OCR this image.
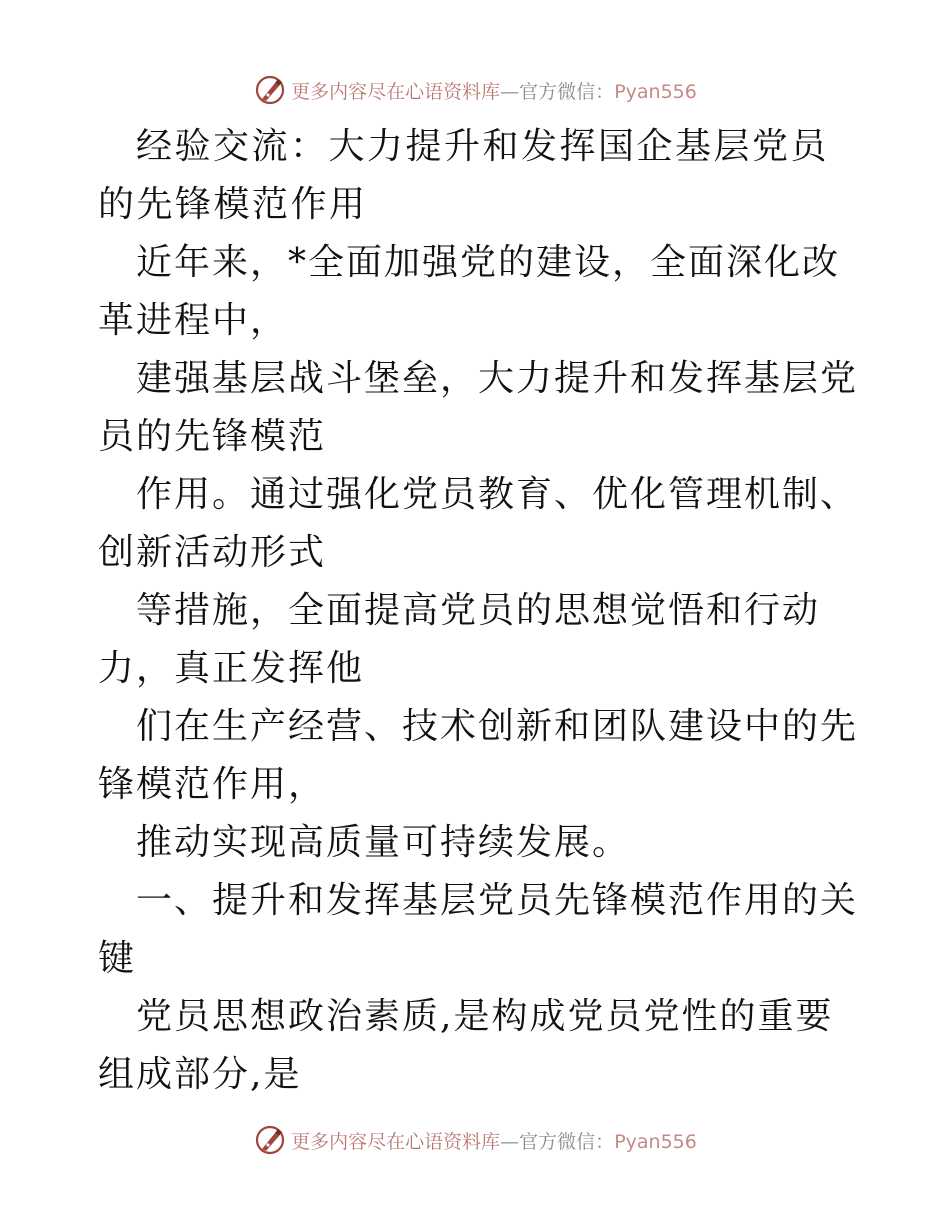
更多内容尽在心语资料库—官方微信：Pyan556

经验交流：大力提升和发挥国企基层党员的先锋模范作用

近年来，*全面加强党的建设，全面深化改革进程中，

建强基层战斗堡垒，大力提升和发挥基层党员的先锋模范

作用。通过强化党员教育、优化管理机制、创新活动形式

等措施，全面提高党员的思想觉悟和行动力，真正发挥他

们在生产经营、技术创新和团队建设中的先锋模范作用，

推动实现高质量可持续发展。

一、提升和发挥基层党员先锋模范作用的关键

党员思想政治素质,是构成党员党性的重要组成部分,是

更多内容尽在心语资料库—官方微信：Pyan556
